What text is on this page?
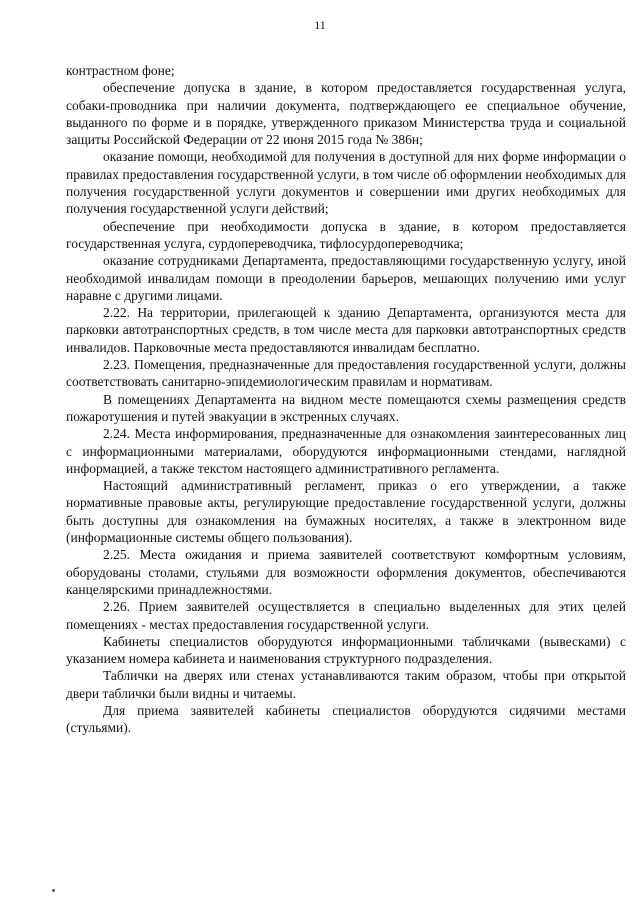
11

контрастном фоне;

обеспечение допуска в здание, в котором предоставляется государственная услуга, собаки-проводника при наличии документа, подтверждающего ее специальное обучение, выданного по форме и в порядке, утвержденного приказом Министерства труда и социальной защиты Российской Федерации от 22 июня 2015 года № 386н;

оказание помощи, необходимой для получения в доступной для них форме информации о правилах предоставления государственной услуги, в том числе об оформлении необходимых для получения государственной услуги документов и совершении ими других необходимых для получения государственной услуги действий;

обеспечение при необходимости допуска в здание, в котором предоставляется государственная услуга, сурдопереводчика, тифлосурдопереводчика;

оказание сотрудниками Департамента, предоставляющими государственную услугу, иной необходимой инвалидам помощи в преодолении барьеров, мешающих получению ими услуг наравне с другими лицами.

2.22. На территории, прилегающей к зданию Департамента, организуются места для парковки автотранспортных средств, в том числе места для парковки автотранспортных средств инвалидов. Парковочные места предоставляются инвалидам бесплатно.

2.23. Помещения, предназначенные для предоставления государственной услуги, должны соответствовать санитарно-эпидемиологическим правилам и нормативам.

В помещениях Департамента на видном месте помещаются схемы размещения средств пожаротушения и путей эвакуации в экстренных случаях.

2.24. Места информирования, предназначенные для ознакомления заинтересованных лиц с информационными материалами, оборудуются информационными стендами, наглядной информацией, а также текстом настоящего административного регламента.

Настоящий административный регламент, приказ о его утверждении, а также нормативные правовые акты, регулирующие предоставление государственной услуги, должны быть доступны для ознакомления на бумажных носителях, а также в электронном виде (информационные системы общего пользования).

2.25. Места ожидания и приема заявителей соответствуют комфортным условиям, оборудованы столами, стульями для возможности оформления документов, обеспечиваются канцелярскими принадлежностями.

2.26. Прием заявителей осуществляется в специально выделенных для этих целей помещениях - местах предоставления государственной услуги.

Кабинеты специалистов оборудуются информационными табличками (вывесками) с указанием номера кабинета и наименования структурного подразделения.

Таблички на дверях или стенах устанавливаются таким образом, чтобы при открытой двери таблички были видны и читаемы.

Для приема заявителей кабинеты специалистов оборудуются сидячими местами (стульями).
